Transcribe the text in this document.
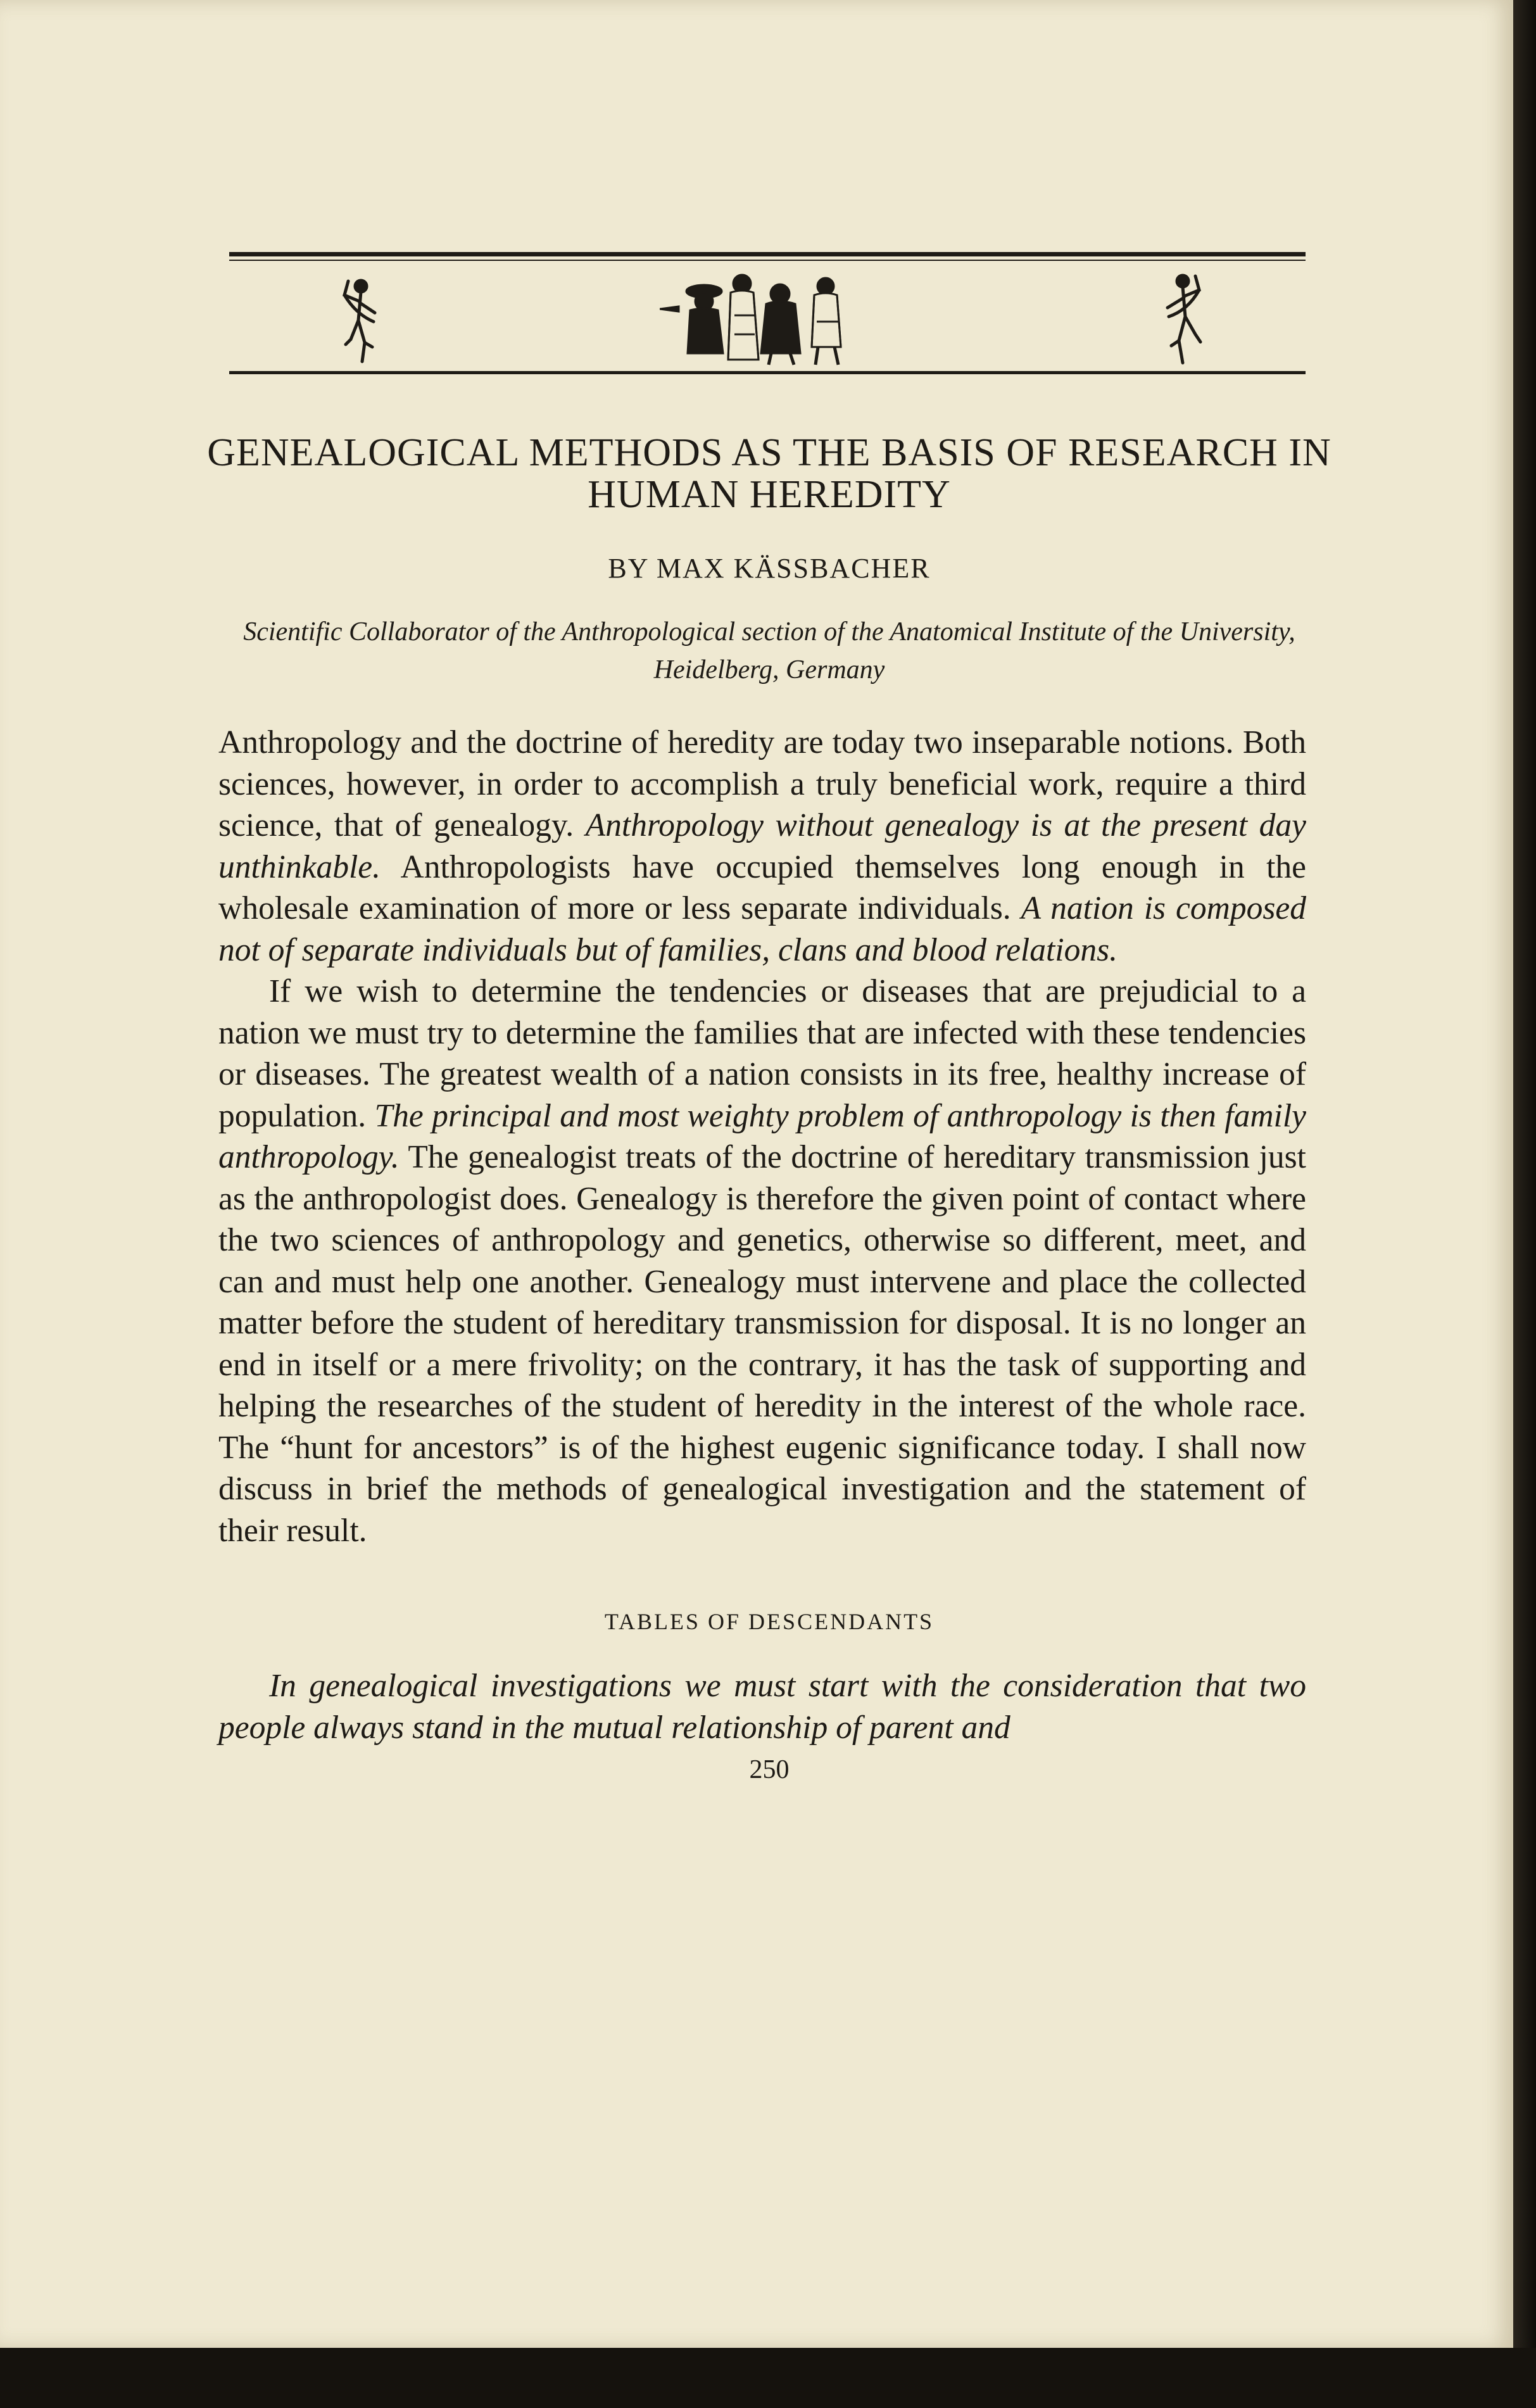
GENEALOGICAL METHODS AS THE BASIS OF RESEARCH IN HUMAN HEREDITY
BY MAX KÄSSBACHER
Scientific Collaborator of the Anthropological section of the Anatomical Institute of the University, Heidelberg, Germany

Anthropology and the doctrine of heredity are today two inseparable notions. Both sciences, however, in order to accomplish a truly beneficial work, require a third science, that of genealogy. Anthropology without genealogy is at the present day unthinkable. Anthropologists have occupied themselves long enough in the wholesale examination of more or less separate individuals. A nation is composed not of separate individuals but of families, clans and blood relations.

If we wish to determine the tendencies or diseases that are prejudicial to a nation we must try to determine the families that are infected with these tendencies or diseases. The greatest wealth of a nation consists in its free, healthy increase of population. The principal and most weighty problem of anthropology is then family anthropology. The genealogist treats of the doctrine of hereditary transmission just as the anthropologist does. Genealogy is therefore the given point of contact where the two sciences of anthropology and genetics, otherwise so different, meet, and can and must help one another. Genealogy must intervene and place the collected matter before the student of hereditary transmission for disposal. It is no longer an end in itself or a mere frivolity; on the contrary, it has the task of supporting and helping the researches of the student of heredity in the interest of the whole race. The “hunt for ancestors” is of the highest eugenic significance today. I shall now discuss in brief the methods of genealogical investigation and the statement of their result.

TABLES OF DESCENDANTS

In genealogical investigations we must start with the consideration that two people always stand in the mutual relationship of parent and

250
